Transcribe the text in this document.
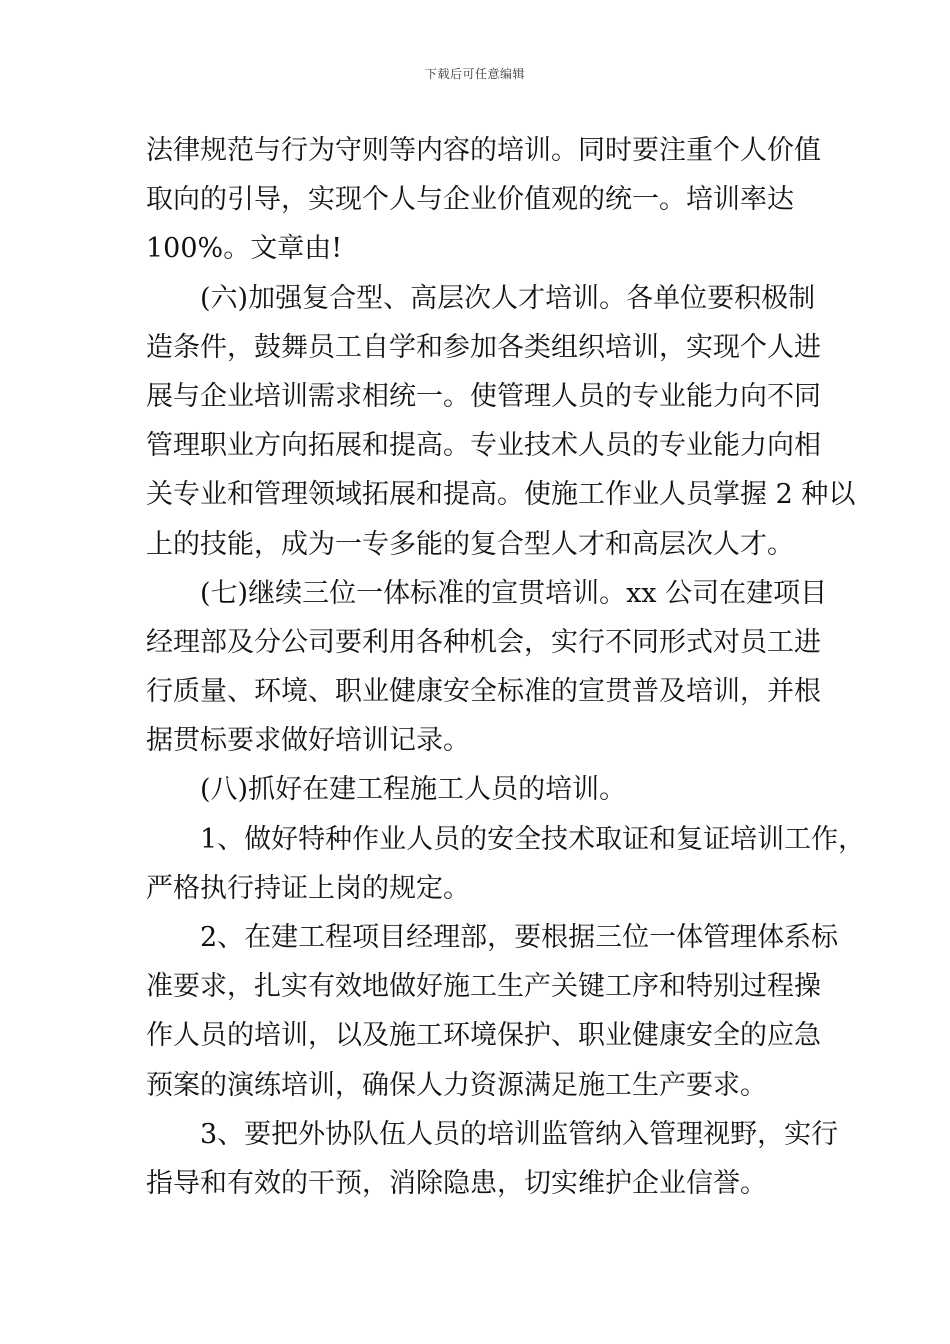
下载后可任意编辑
法律规范与行为守则等内容的培训。同时要注重个人价值
取向的引导，实现个人与企业价值观的统一。培训率达
100%。文章由!
(六)加强复合型、高层次人才培训。各单位要积极制
造条件，鼓舞员工自学和参加各类组织培训，实现个人进
展与企业培训需求相统一。使管理人员的专业能力向不同
管理职业方向拓展和提高。专业技术人员的专业能力向相
关专业和管理领域拓展和提高。使施工作业人员掌握 2 种以
上的技能，成为一专多能的复合型人才和高层次人才。
(七)继续三位一体标准的宣贯培训。xx 公司在建项目
经理部及分公司要利用各种机会，实行不同形式对员工进
行质量、环境、职业健康安全标准的宣贯普及培训，并根
据贯标要求做好培训记录。
(八)抓好在建工程施工人员的培训。
1、做好特种作业人员的安全技术取证和复证培训工作，
严格执行持证上岗的规定。
2、在建工程项目经理部，要根据三位一体管理体系标
准要求，扎实有效地做好施工生产关键工序和特别过程操
作人员的培训，以及施工环境保护、职业健康安全的应急
预案的演练培训，确保人力资源满足施工生产要求。
3、要把外协队伍人员的培训监管纳入管理视野，实行
指导和有效的干预，消除隐患，切实维护企业信誉。
